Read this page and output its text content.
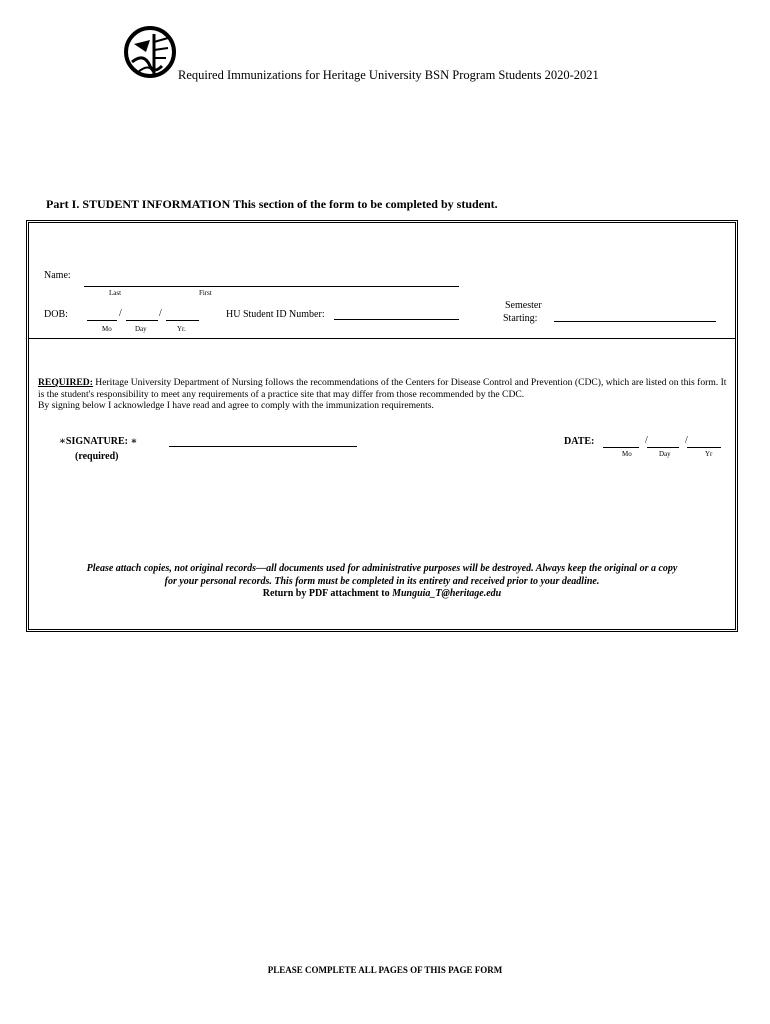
Required Immunizations for Heritage University BSN Program Students 2020-2021
Part I. STUDENT INFORMATION This section of the form to be completed by student.
Name:
Last	First
DOB:	/	/
Mo	Day	Yr.
HU Student ID Number:
Semester
Starting:
REQUIRED: Heritage University Department of Nursing follows the recommendations of the Centers for Disease Control and Prevention (CDC), which are listed on this form. It is the student's responsibility to meet any requirements of a practice site that may differ from those recommended by the CDC.
By signing below I acknowledge I have read and agree to comply with the immunization requirements.
∗SIGNATURE: ∗
(required)
DATE:	/	/
Mo	Day	Yr
Please attach copies, not original records—all documents used for administrative purposes will be destroyed. Always keep the original or a copy
for your personal records. This form must be completed in its entirety and received prior to your deadline.
Return by PDF attachment to Munguia_T@heritage.edu
PLEASE COMPLETE ALL PAGES OF THIS PAGE FORM
